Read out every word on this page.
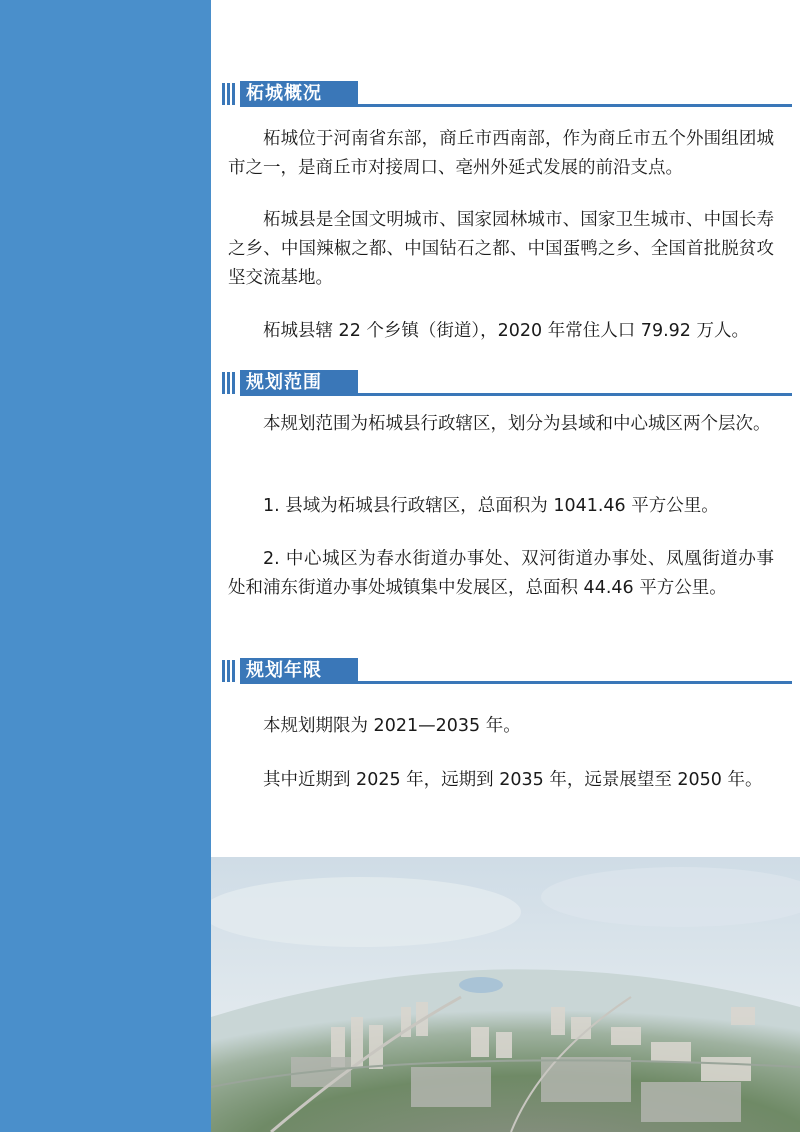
柘城概况

柘城位于河南省东部，商丘市西南部，作为商丘市五个外围组团城市之一，是商丘市对接周口、亳州外延式发展的前沿支点。

柘城县是全国文明城市、国家园林城市、国家卫生城市、中国长寿之乡、中国辣椒之都、中国钻石之都、中国蛋鸭之乡、全国首批脱贫攻坚交流基地。

柘城县辖 22 个乡镇（街道），2020 年常住人口 79.92 万人。

规划范围

本规划范围为柘城县行政辖区，划分为县域和中心城区两个层次。

1. 县域为柘城县行政辖区，总面积为 1041.46 平方公里。

2. 中心城区为春水街道办事处、双河街道办事处、凤凰街道办事处和浦东街道办事处城镇集中发展区，总面积 44.46 平方公里。

规划年限

本规划期限为 2021—2035 年。

其中近期到 2025 年，远期到 2035 年，远景展望至 2050 年。
